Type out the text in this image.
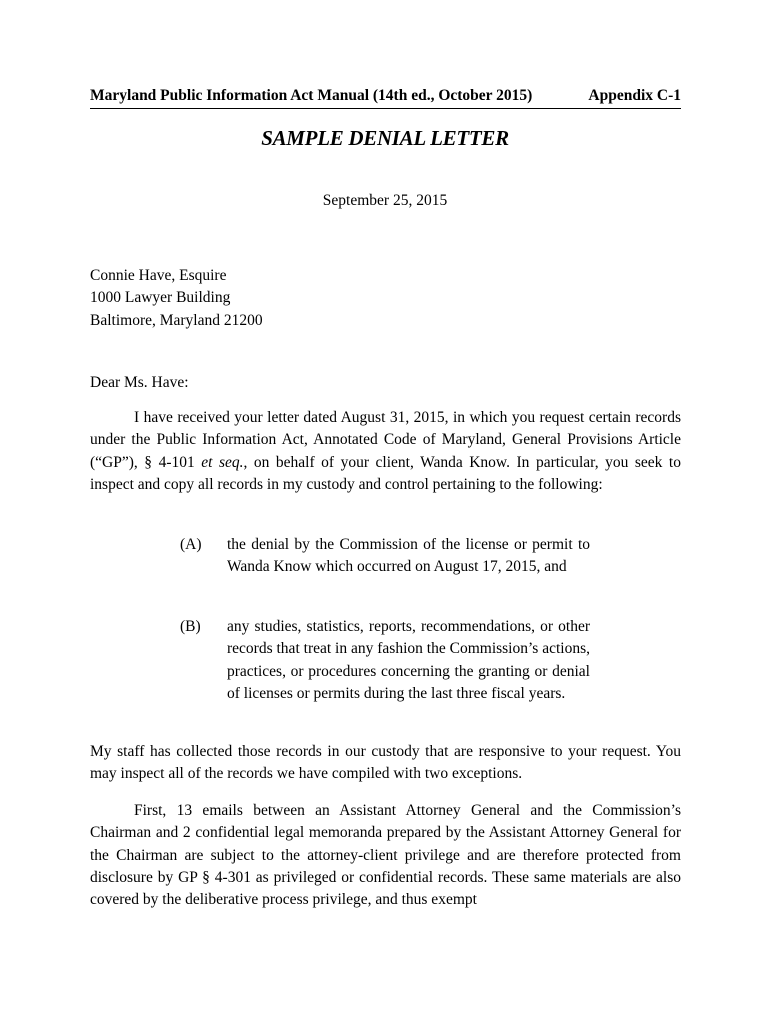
Maryland Public Information Act Manual (14th ed., October 2015)	Appendix C-1
SAMPLE DENIAL LETTER
September 25, 2015
Connie Have, Esquire
1000 Lawyer Building
Baltimore, Maryland 21200
Dear Ms. Have:

I have received your letter dated August 31, 2015, in which you request certain records under the Public Information Act, Annotated Code of Maryland, General Provisions Article (“GP”), § 4-101 et seq., on behalf of your client, Wanda Know. In particular, you seek to inspect and copy all records in my custody and control pertaining to the following:

(A)	the denial by the Commission of the license or permit to Wanda Know which occurred on August 17, 2015, and
(B)	any studies, statistics, reports, recommendations, or other records that treat in any fashion the Commission’s actions, practices, or procedures concerning the granting or denial of licenses or permits during the last three fiscal years.

My staff has collected those records in our custody that are responsive to your request. You may inspect all of the records we have compiled with two exceptions.

First, 13 emails between an Assistant Attorney General and the Commission’s Chairman and 2 confidential legal memoranda prepared by the Assistant Attorney General for the Chairman are subject to the attorney-client privilege and are therefore protected from disclosure by GP § 4-301 as privileged or confidential records. These same materials are also covered by the deliberative process privilege, and thus exempt
